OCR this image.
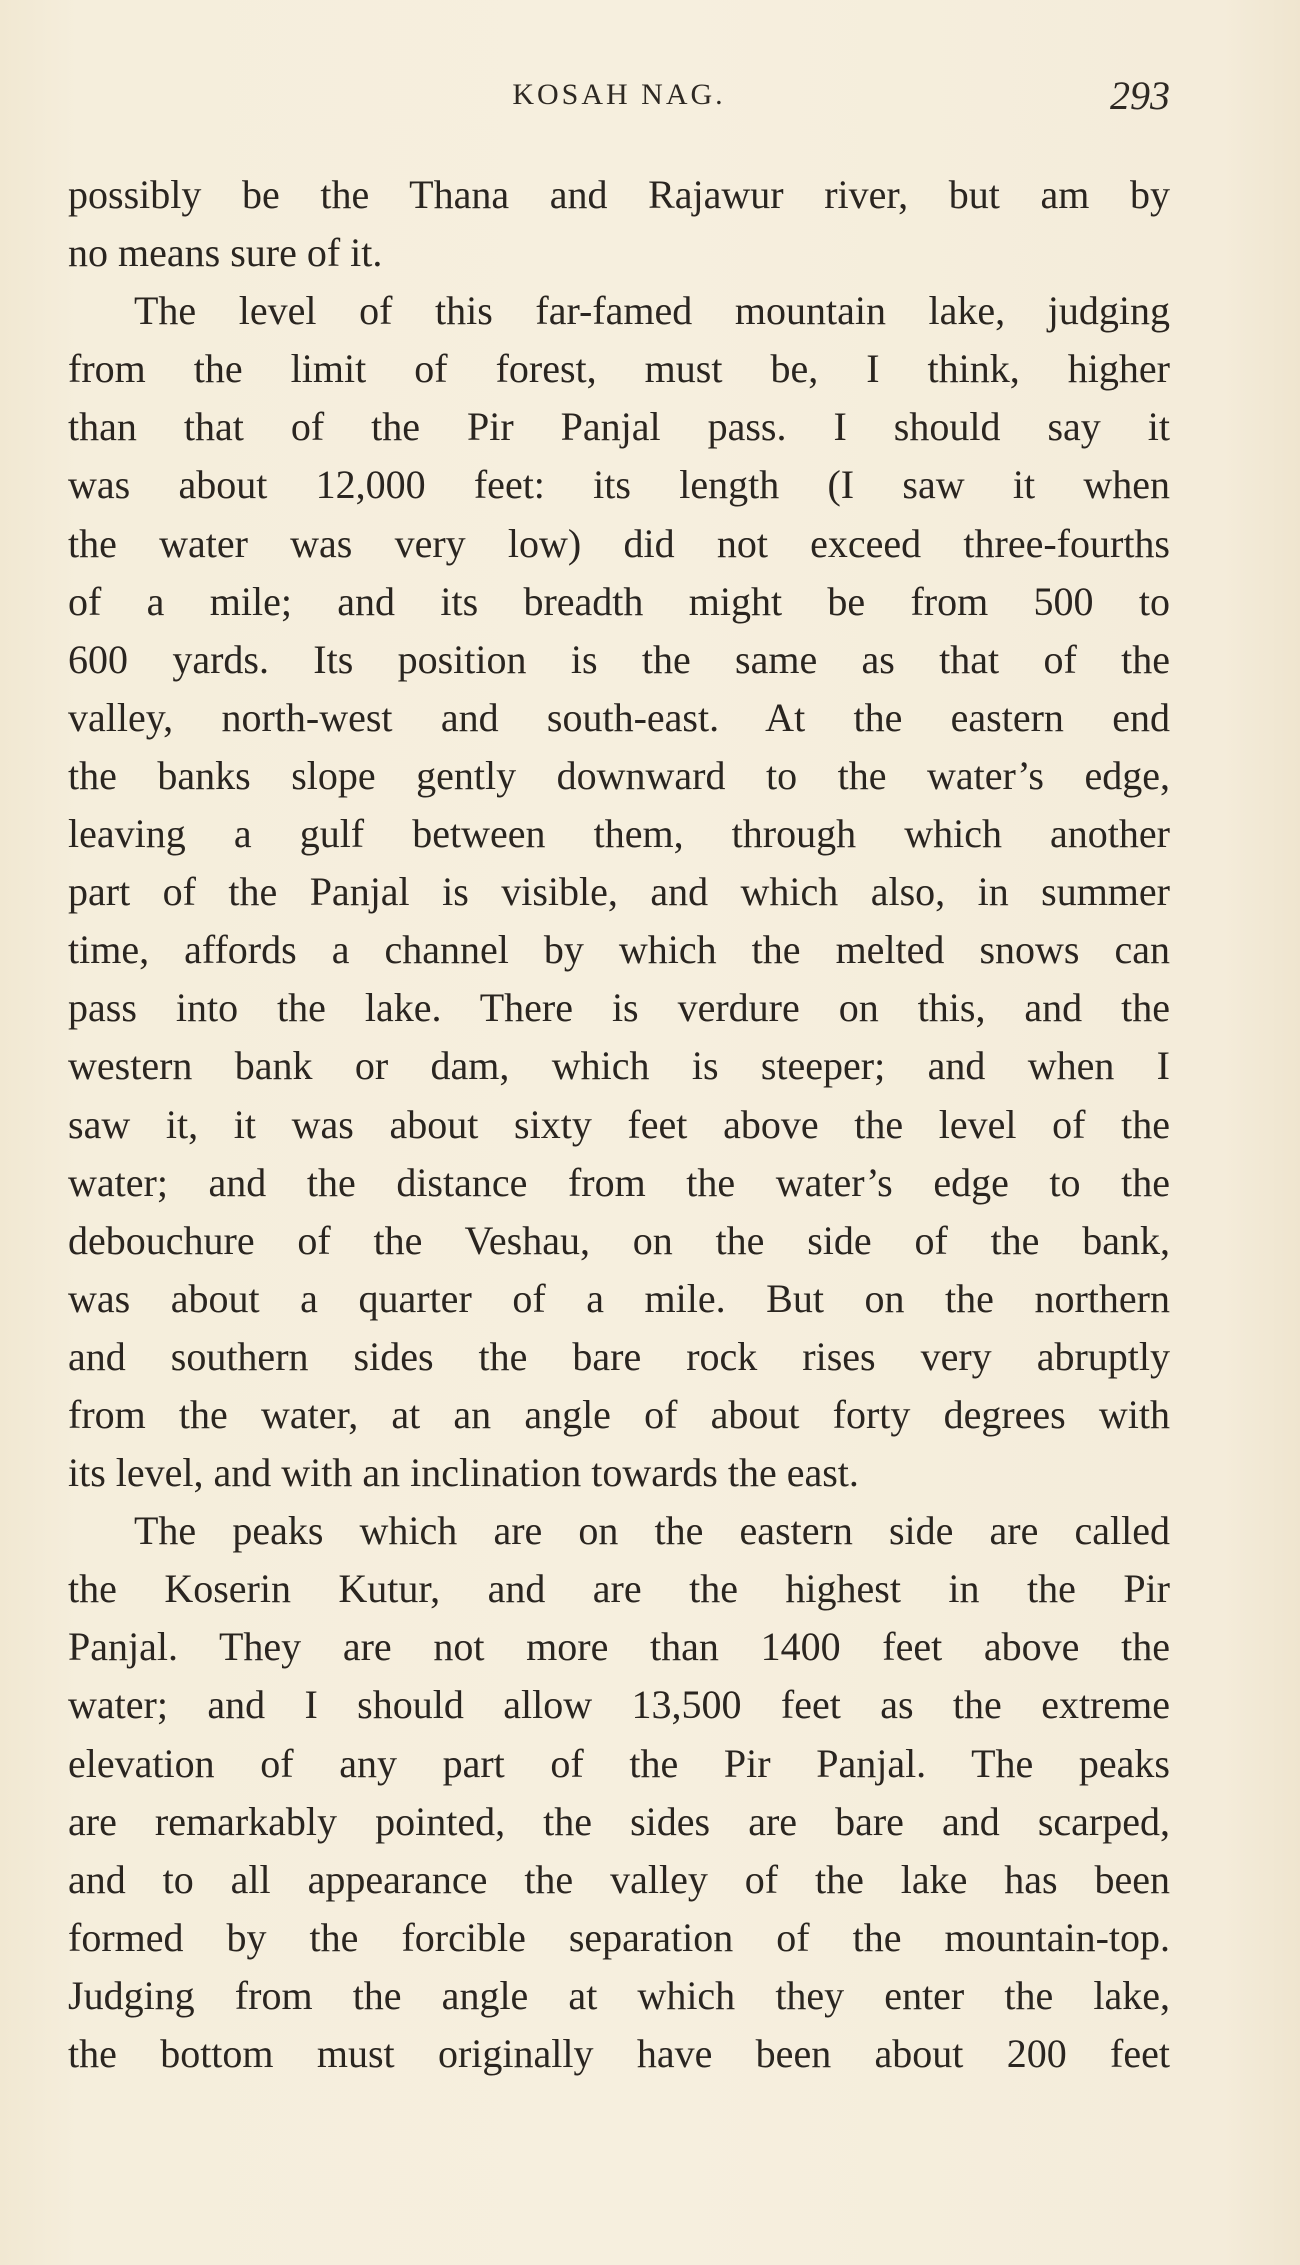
KOSAH NAG.	293
possibly be the Thana and Rajawur river, but am by
no means sure of it.
The level of this far-famed mountain lake, judging
from the limit of forest, must be, I think, higher
than that of the Pir Panjal pass. I should say it
was about 12,000 feet: its length (I saw it when
the water was very low) did not exceed three-fourths
of a mile; and its breadth might be from 500 to
600 yards. Its position is the same as that of the
valley, north-west and south-east. At the eastern end
the banks slope gently downward to the water’s edge,
leaving a gulf between them, through which another
part of the Panjal is visible, and which also, in summer
time, affords a channel by which the melted snows can
pass into the lake. There is verdure on this, and the
western bank or dam, which is steeper; and when I
saw it, it was about sixty feet above the level of the
water; and the distance from the water’s edge to the
debouchure of the Veshau, on the side of the bank,
was about a quarter of a mile. But on the northern
and southern sides the bare rock rises very abruptly
from the water, at an angle of about forty degrees with
its level, and with an inclination towards the east.
The peaks which are on the eastern side are called
the Koserin Kutur, and are the highest in the Pir
Panjal. They are not more than 1400 feet above the
water; and I should allow 13,500 feet as the extreme
elevation of any part of the Pir Panjal. The peaks
are remarkably pointed, the sides are bare and scarped,
and to all appearance the valley of the lake has been
formed by the forcible separation of the mountain-top.
Judging from the angle at which they enter the lake,
the bottom must originally have been about 200 feet
